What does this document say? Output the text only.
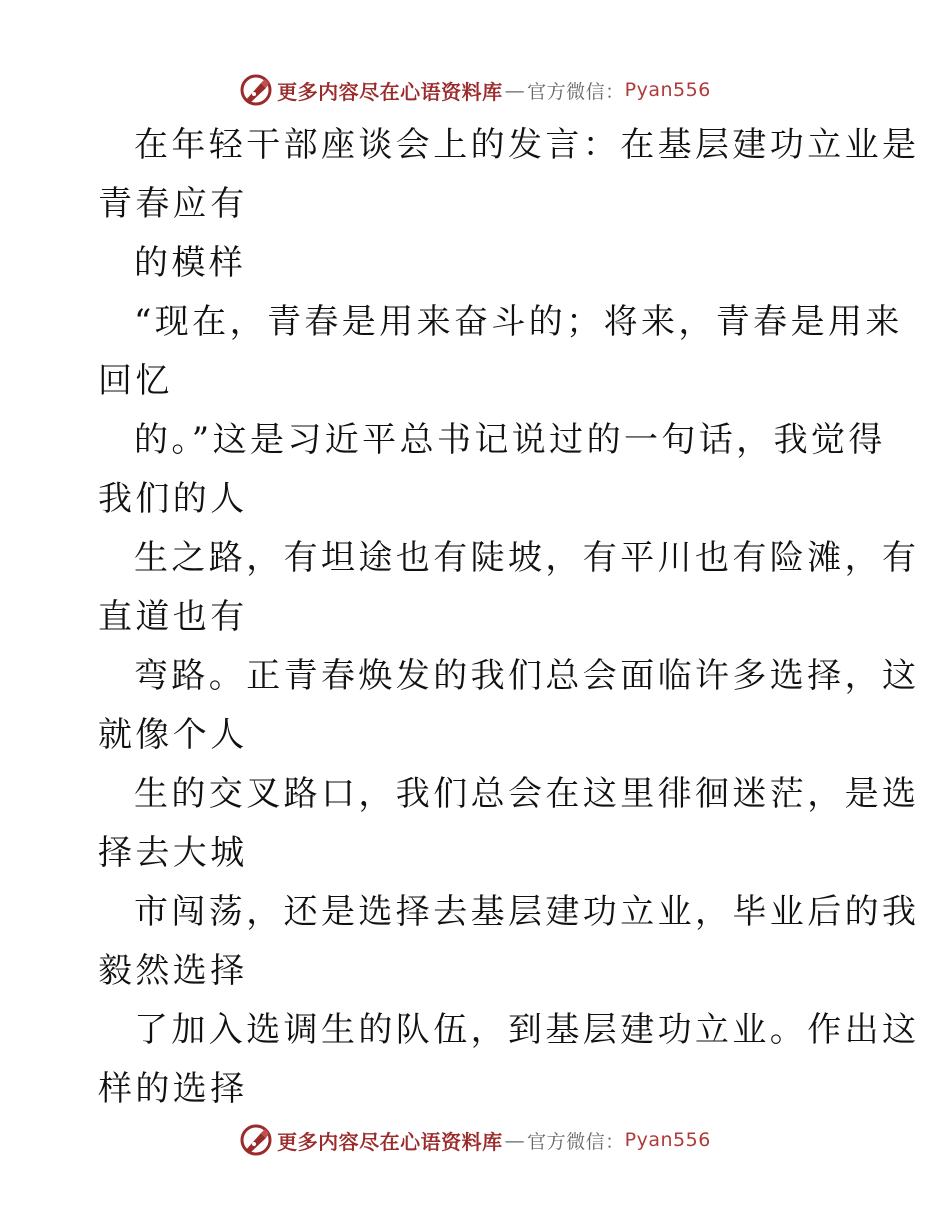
更多内容尽在心语资料库 — 官方微信： Pyan556
在年轻干部座谈会上的发言：在基层建功立业是
青春应有
的模样
“现在，青春是用来奋斗的；将来，青春是用来
回忆
的。”这是习近平总书记说过的一句话，我觉得
我们的人
生之路，有坦途也有陡坡，有平川也有险滩，有
直道也有
弯路。正青春焕发的我们总会面临许多选择，这
就像个人
生的交叉路口，我们总会在这里徘徊迷茫，是选
择去大城
市闯荡，还是选择去基层建功立业，毕业后的我
毅然选择
了加入选调生的队伍，到基层建功立业。作出这
样的选择
更多内容尽在心语资料库 — 官方微信： Pyan556
